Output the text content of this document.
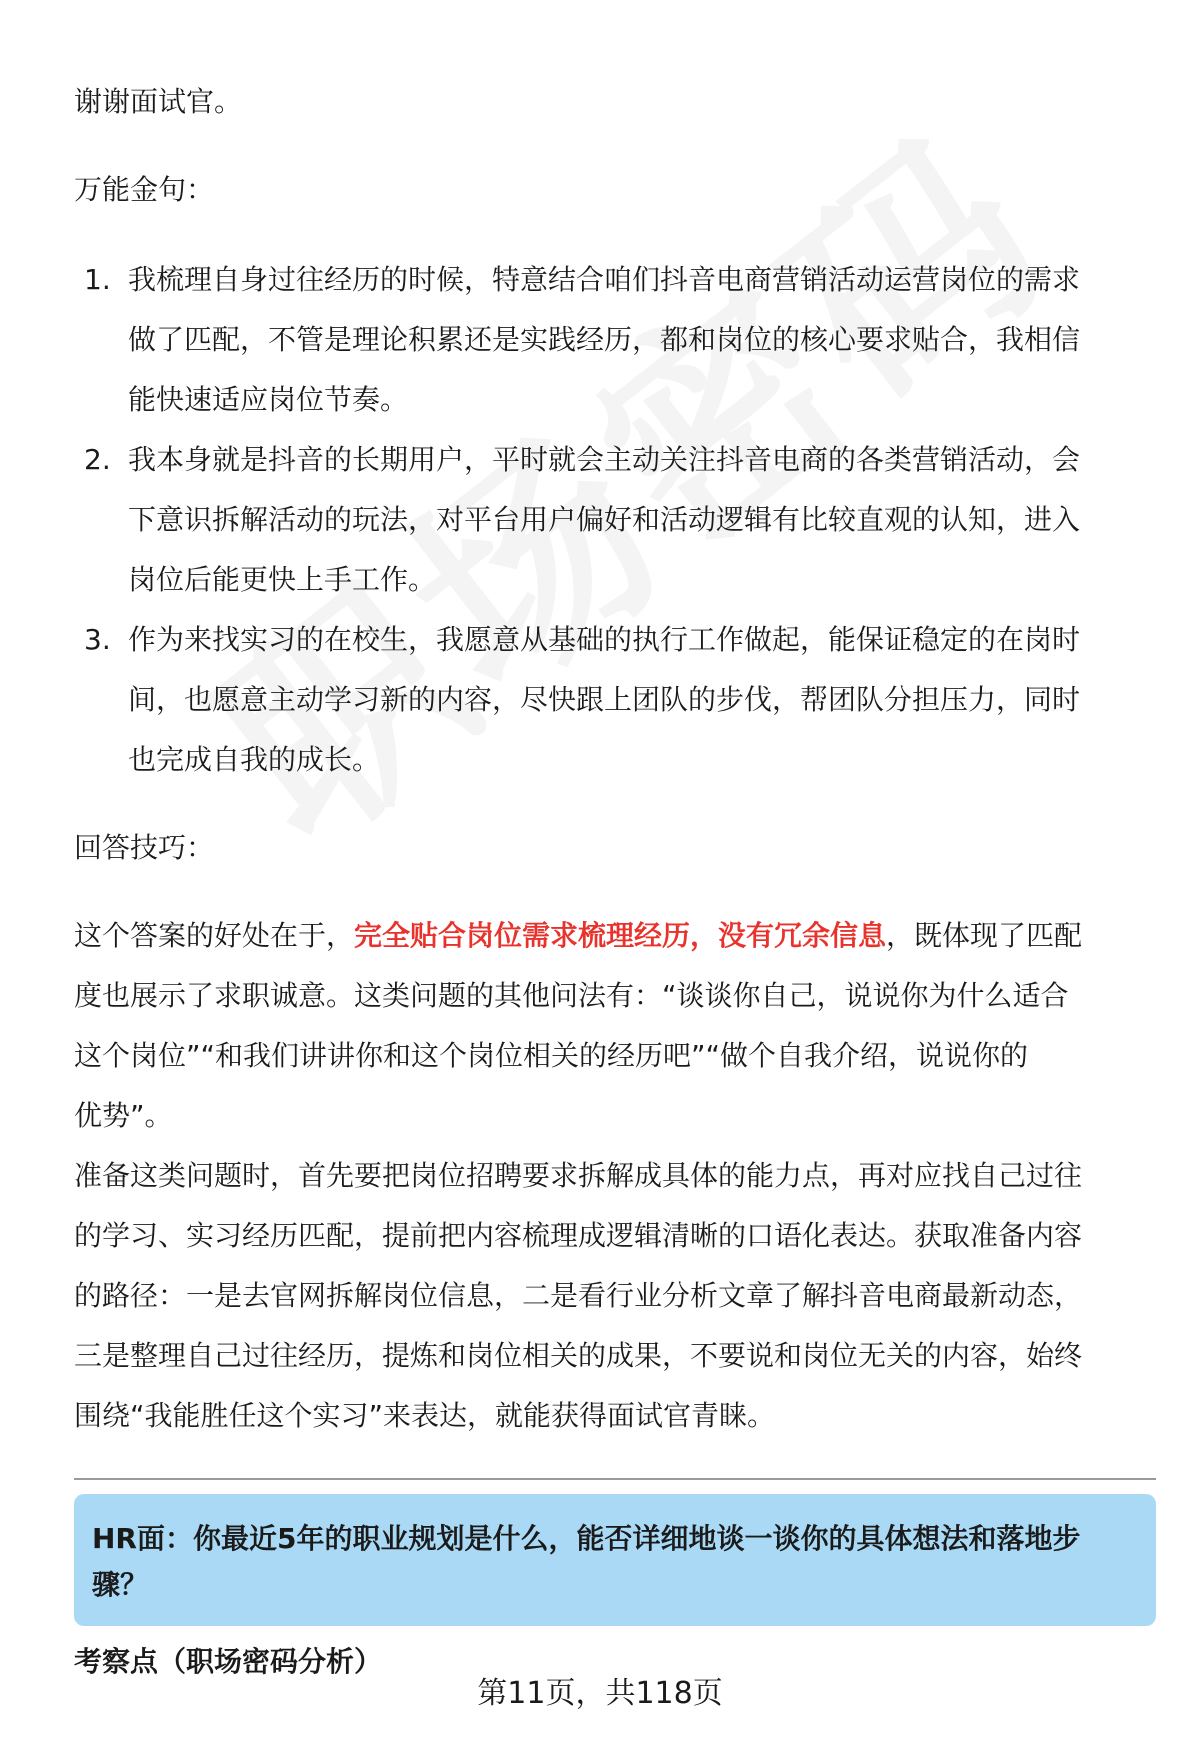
谢谢面试官。

万能金句：

1. 我梳理自身过往经历的时候，特意结合咱们抖音电商营销活动运营岗位的需求
做了匹配，不管是理论积累还是实践经历，都和岗位的核心要求贴合，我相信
能快速适应岗位节奏。
2. 我本身就是抖音的长期用户，平时就会主动关注抖音电商的各类营销活动，会
下意识拆解活动的玩法，对平台用户偏好和活动逻辑有比较直观的认知，进入
岗位后能更快上手工作。
3. 作为来找实习的在校生，我愿意从基础的执行工作做起，能保证稳定的在岗时
间，也愿意主动学习新的内容，尽快跟上团队的步伐，帮团队分担压力，同时
也完成自我的成长。

回答技巧：

这个答案的好处在于，完全贴合岗位需求梳理经历，没有冗余信息，既体现了匹配
度也展示了求职诚意。这类问题的其他问法有：“谈谈你自己，说说你为什么适合
这个岗位”“和我们讲讲你和这个岗位相关的经历吧”“做个自我介绍，说说你的
优势”。
准备这类问题时，首先要把岗位招聘要求拆解成具体的能力点，再对应找自己过往
的学习、实习经历匹配，提前把内容梳理成逻辑清晰的口语化表达。获取准备内容
的路径：一是去官网拆解岗位信息，二是看行业分析文章了解抖音电商最新动态，
三是整理自己过往经历，提炼和岗位相关的成果，不要说和岗位无关的内容，始终
围绕“我能胜任这个实习”来表达，就能获得面试官青睐。
HR面：你最近5年的职业规划是什么，能否详细地谈一谈你的具体想法和落地步
骤？
考察点（职场密码分析）
第11页，共118页
